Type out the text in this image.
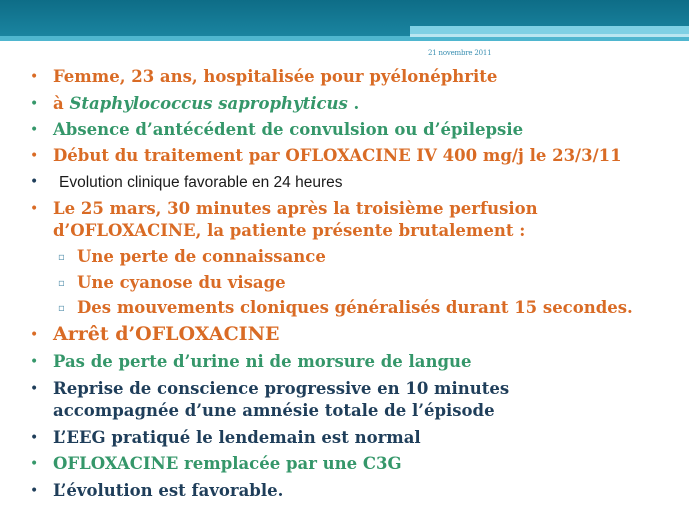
21 novembre 2011
• Femme, 23 ans, hospitalisée pour pyélonéphrite
• à Staphylococcus saprophyticus .
• Absence d’antécédent de convulsion ou d’épilepsie
• Début du traitement par OFLOXACINE IV 400 mg/j le 23/3/11
• Evolution clinique favorable en 24 heures
• Le 25 mars, 30 minutes après la troisième perfusion
d’OFLOXACINE, la patiente présente brutalement :
▫ Une perte de connaissance
▫ Une cyanose du visage
▫ Des mouvements cloniques généralisés durant 15 secondes.
• Arrêt d’OFLOXACINE
• Pas de perte d’urine ni de morsure de langue
• Reprise de conscience progressive en 10 minutes
accompagnée d’une amnésie totale de l’épisode
• L’EEG pratiqué le lendemain est normal
• OFLOXACINE remplacée par une C3G
• L’évolution est favorable.
